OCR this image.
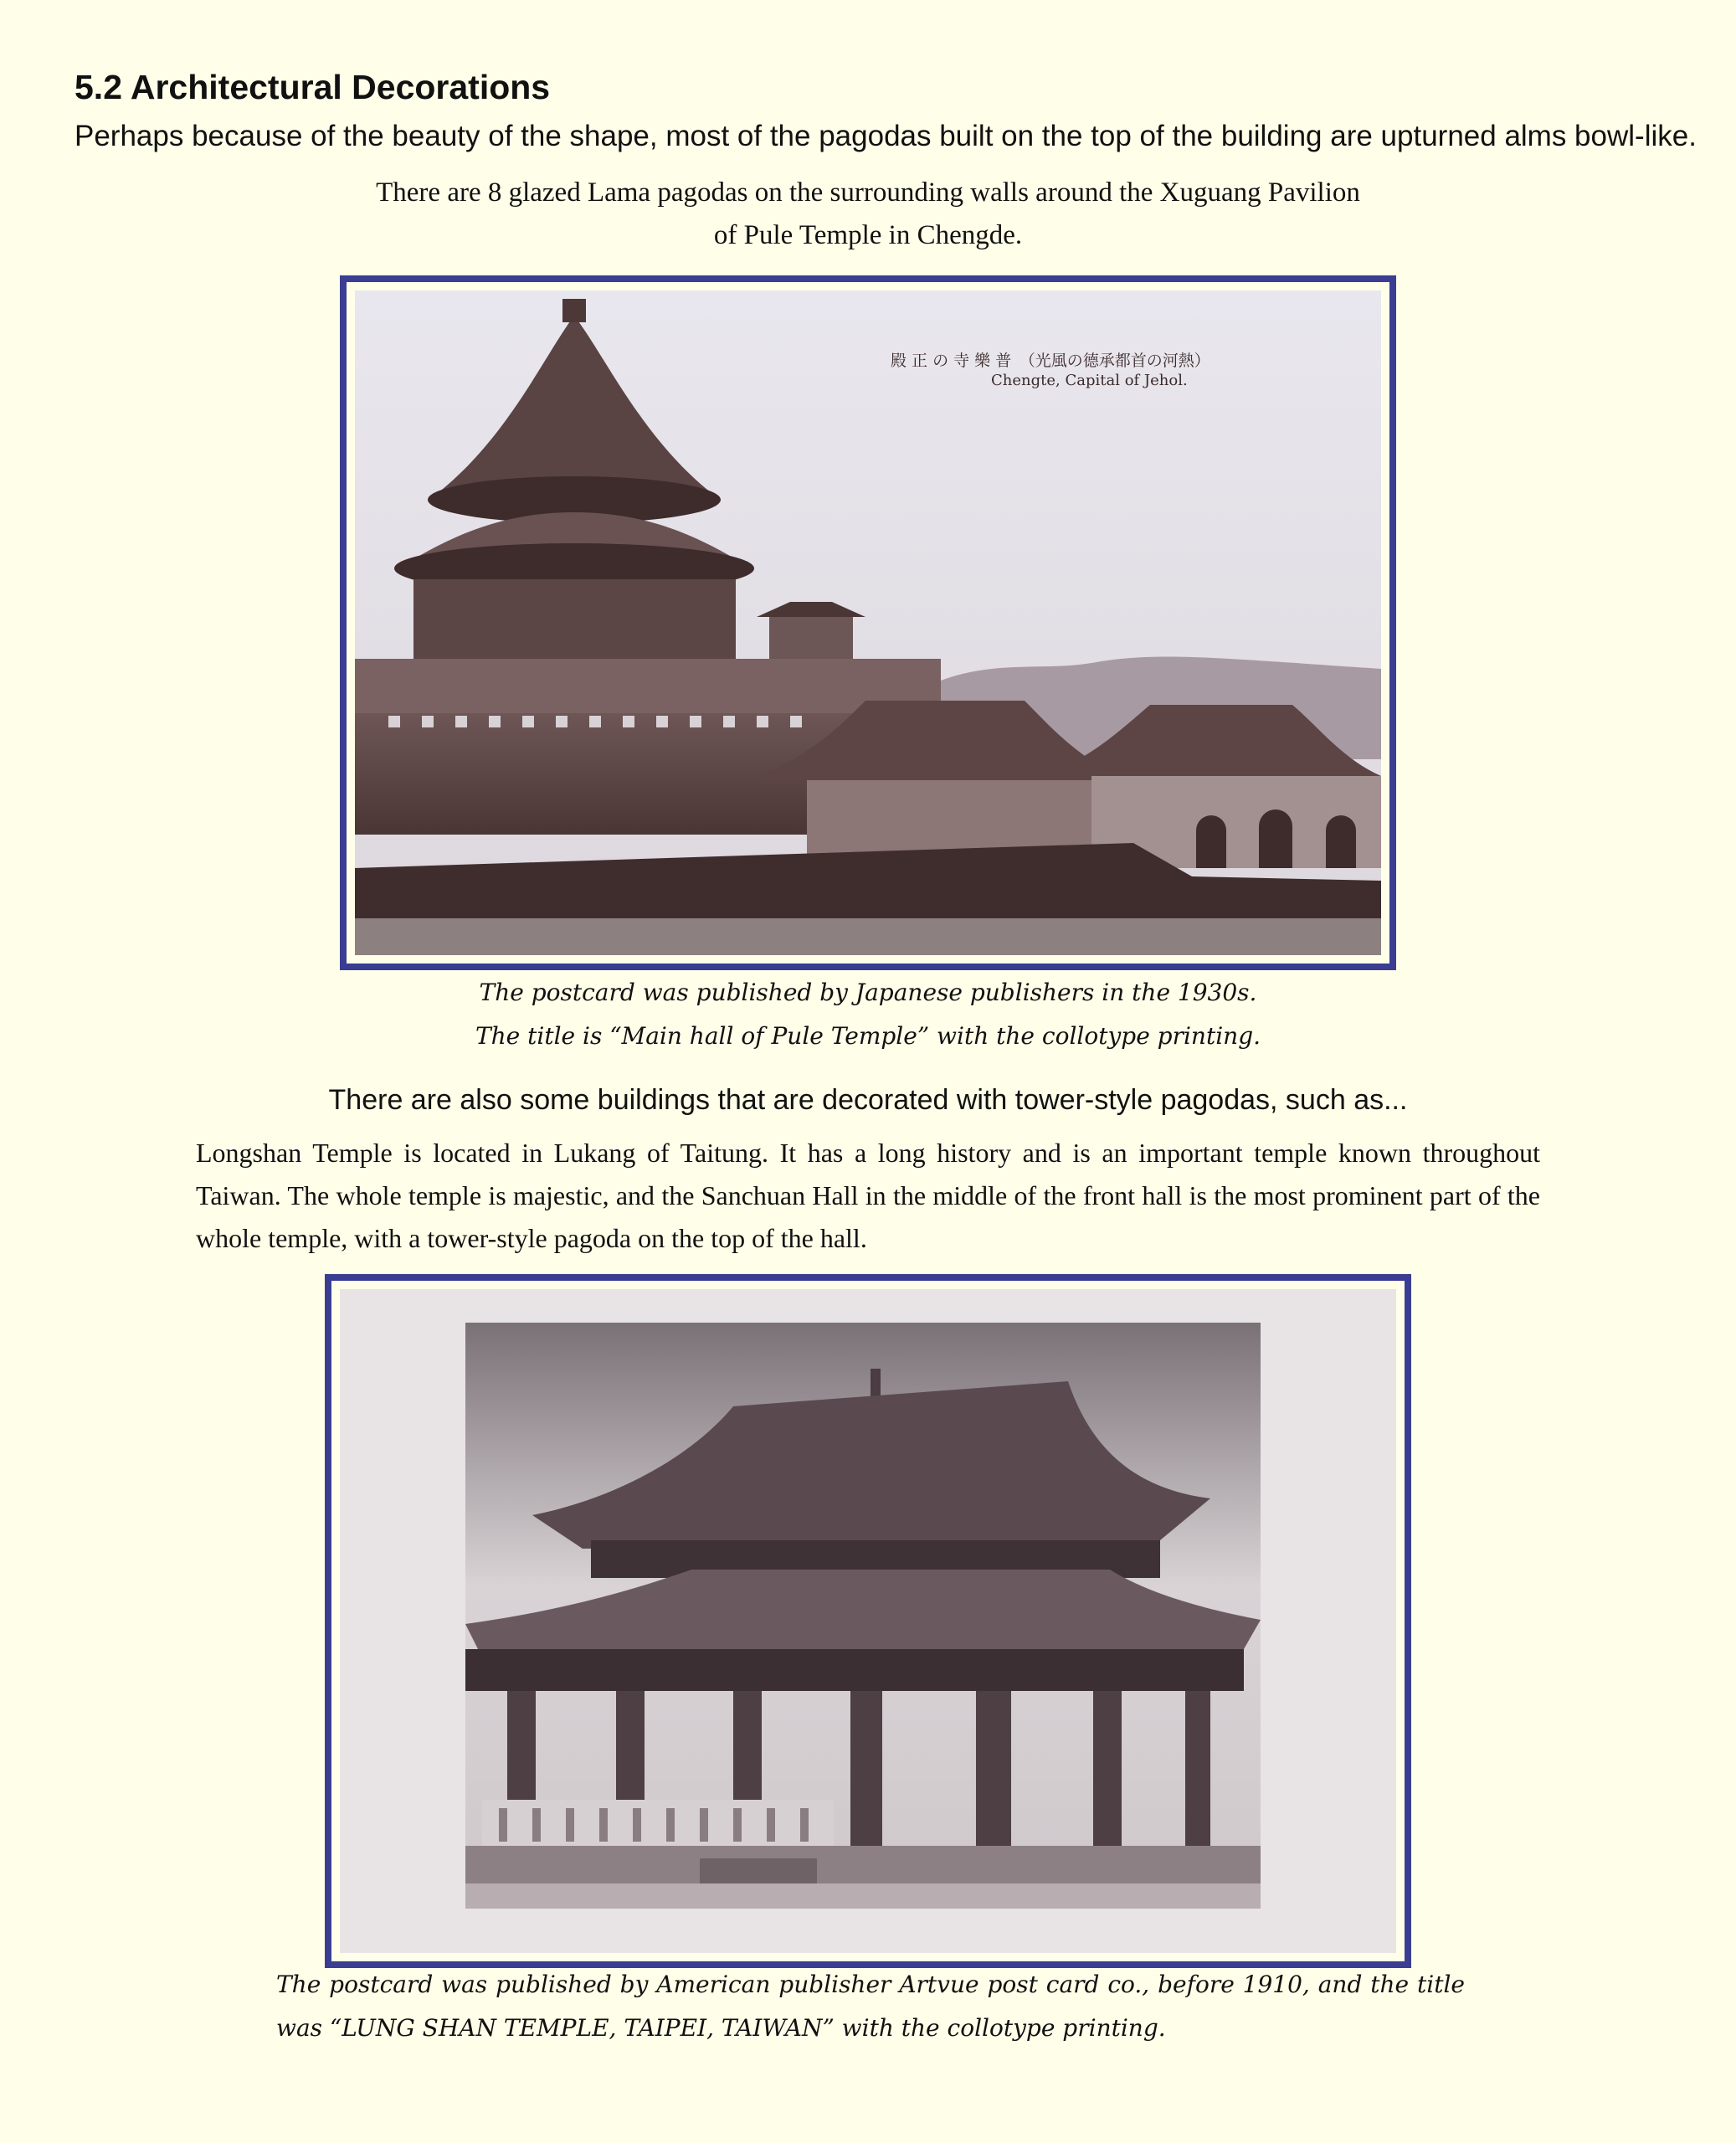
5.2 Architectural Decorations

Perhaps because of the beauty of the shape, most of the pagodas built on the top of the building are upturned alms bowl-like.

There are 8 glazed Lama pagodas on the surrounding walls around the Xuguang Pavilion

of Pule Temple in Chengde.

殿 正 の 寺 樂 普　（光風の德承都首の河熱）
Chengte, Capital of Jehol.

The postcard was published by Japanese publishers in the 1930s.

The title is “Main hall of Pule Temple” with the collotype printing.

There are also some buildings that are decorated with tower-style pagodas, such as...

Longshan Temple is located in Lukang of Taitung. It has a long history and is an important temple known throughout Taiwan. The whole temple is majestic, and the Sanchuan Hall in the middle of the front hall is the most prominent part of the whole temple, with a tower-style pagoda on the top of the hall.

The postcard was published by American publisher Artvue post card co., before 1910, and the title was “LUNG SHAN TEMPLE, TAIPEI, TAIWAN” with the collotype printing.
